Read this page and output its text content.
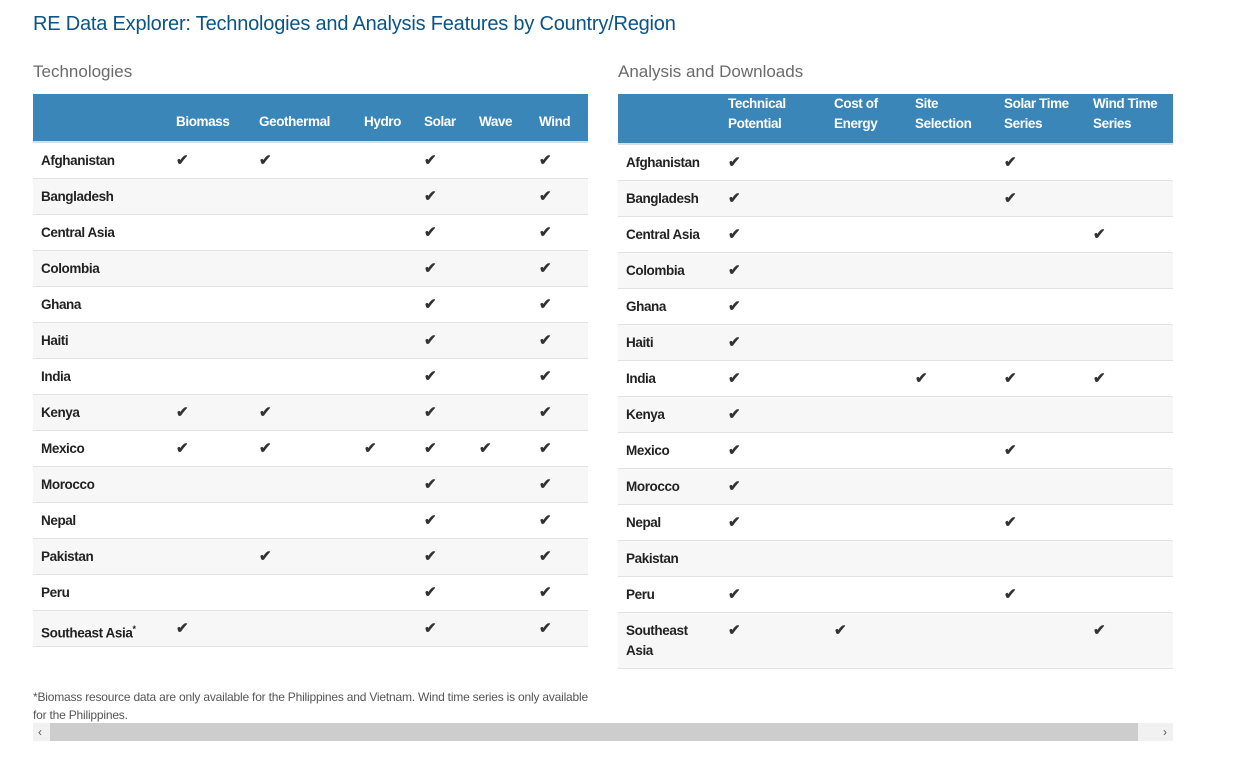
RE Data Explorer: Technologies and Analysis Features by Country/Region
Technologies	Analysis and Downloads
	Biomass	Geothermal	Hydro	Solar	Wave	Wind
Afghanistan	✔	✔		✔		✔
Bangladesh				✔		✔
Central Asia				✔		✔
Colombia				✔		✔
Ghana				✔		✔
Haiti				✔		✔
India				✔		✔
Kenya	✔	✔		✔		✔
Mexico	✔	✔	✔	✔	✔	✔
Morocco				✔		✔
Nepal				✔		✔
Pakistan		✔		✔		✔
Peru				✔		✔
Southeast Asia*	✔			✔		✔
	Technical Potential	Cost of Energy	Site Selection	Solar Time Series	Wind Time Series
Afghanistan	✔			✔	
Bangladesh	✔			✔	
Central Asia	✔				✔
Colombia	✔				
Ghana	✔				
Haiti	✔				
India	✔		✔	✔	✔
Kenya	✔				
Mexico	✔			✔	
Morocco	✔				
Nepal	✔			✔	
Pakistan					
Peru	✔			✔	

Southeast Asia	✔	✔			✔
*Biomass resource data are only available for the Philippines and Vietnam. Wind time series is only available for the Philippines.
‹	›
